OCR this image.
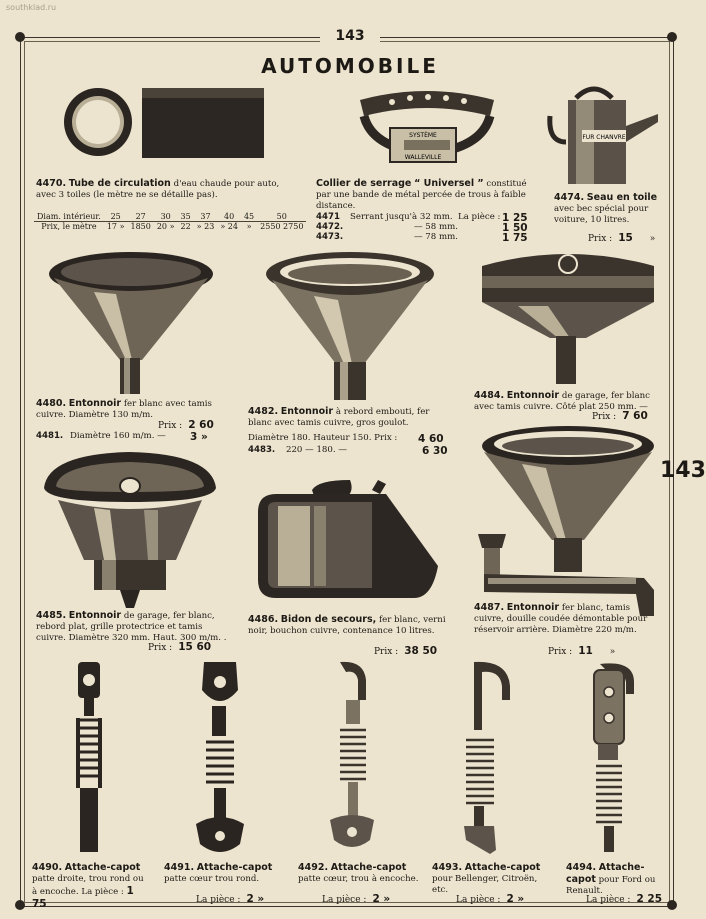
southklad.ru
143
AUTOMOBILE
143
SYSTÈME
WALLEVILLE
FUR CHANVRE
4470. Tube de circulation d'eau chaude pour auto, avec 3 toiles (le mètre ne se détaille pas).
Diam. intérieur.	25	27	30	35	37	40	45	50
Prix, le mètre	17 »	1850	20 »	22	» 23	» 24	»	2550 2750
Collier de serrage “ Universel ” constitué par une bande de métal percée de trous à faible distance.
4471	Serrant jusqu'à 32 mm. La pièce : 1 25
4472.	— 58 mm.	1 50
4473.	— 78 mm.	1 75
4474. Seau en toile avec bec spécial pour voiture, 10 litres.
Prix : 15 »
4480. Entonnoir fer blanc avec tamis cuivre. Diamètre 130 m/m.
Prix : 2 60
4481. Diamètre 160 m/m. —	3 »
4482. Entonnoir à rebord embouti, fer blanc avec tamis cuivre, gros goulot.
Diamètre 180. Hauteur 150. Prix :	4 60
4483.	220 — 180. —	6 30
4484. Entonnoir de garage, fer blanc avec tamis cuivre. Côté plat 250 mm. —
Prix : 7 60
4485. Entonnoir de garage, fer blanc, rebord plat, grille protectrice et tamis cuivre. Diamètre 320 mm. Haut. 300 m/m. .
Prix : 15 60
4486. Bidon de secours, fer blanc, verni noir, bouchon cuivre, contenance 10 litres.
Prix : 38 50
4487. Entonnoir fer blanc, tamis cuivre, douille coudée démontable pour réservoir arrière. Diamètre 220 m/m.
Prix : 11 »
4490. Attache-capot patte droite, trou rond ou à encoche. La pièce : 1 75
4491. Attache-capot patte cœur trou rond.
La pièce : 2 »
4492. Attache-capot patte cœur, trou à encoche.
La pièce : 2 »
4493. Attache-capot pour Bellenger, Citroën, etc.
La pièce : 2 »
4494. Attache-capot pour Ford ou Renault.
La pièce : 2 25
